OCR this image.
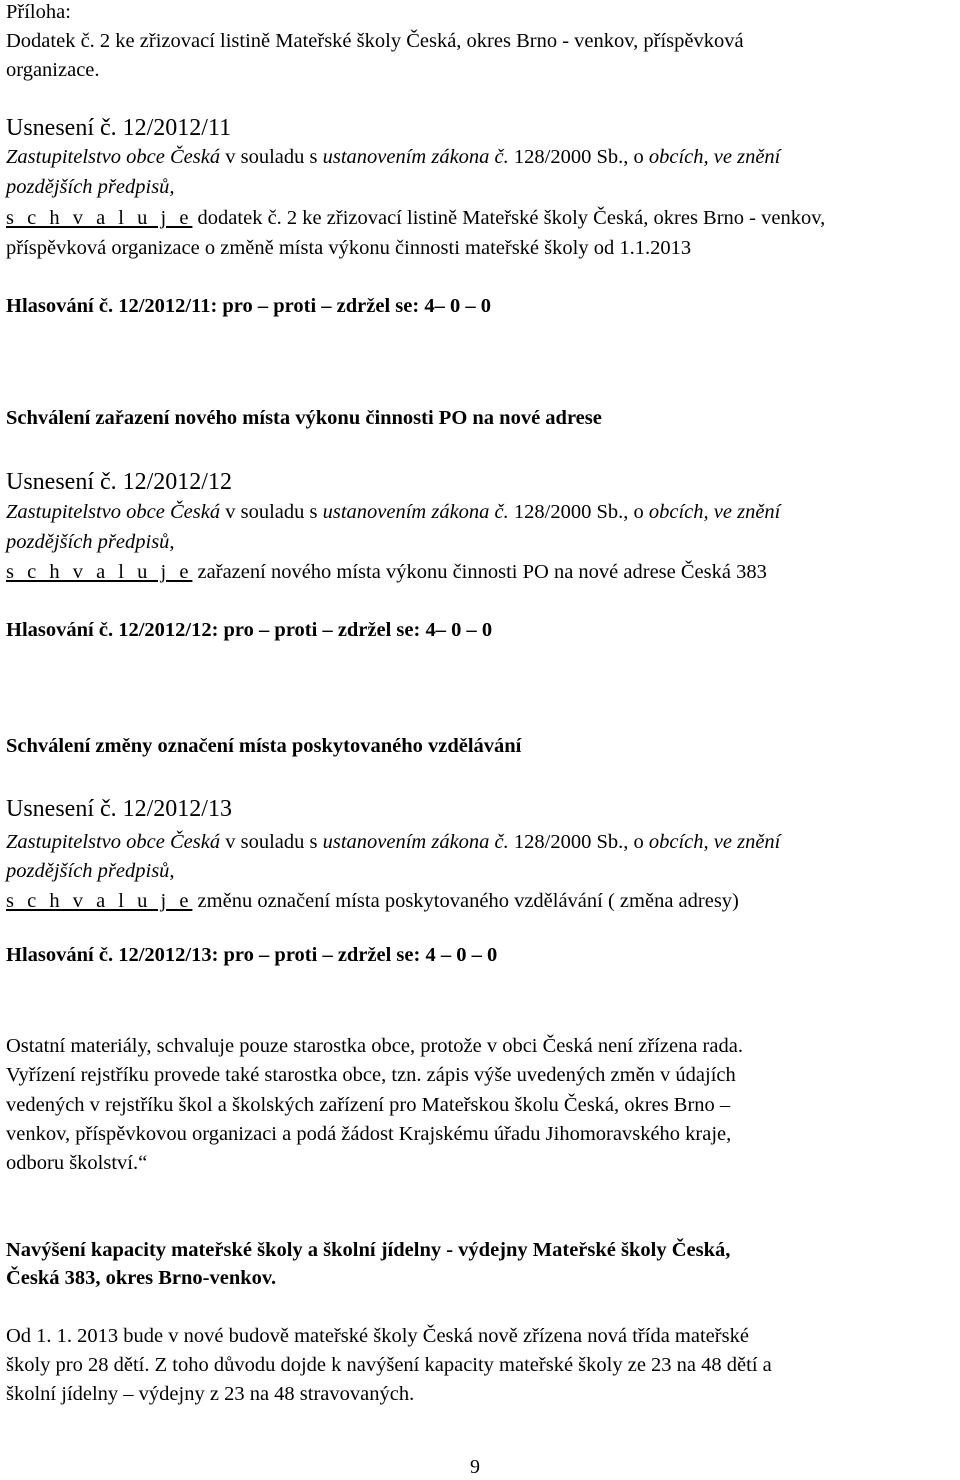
Příloha:
Dodatek č. 2 ke zřizovací listině Mateřské školy Česká, okres Brno - venkov, příspěvková
organizace.
Usnesení č. 12/2012/11
Zastupitelstvo obce Česká v souladu s ustanovením zákona č. 128/2000 Sb., o obcích, ve znění
pozdějších předpisů,
s c h v a l u j e dodatek č. 2 ke zřizovací listině Mateřské školy Česká, okres Brno - venkov,
příspěvková organizace o změně místa výkonu činnosti mateřské školy od 1.1.2013
Hlasování č. 12/2012/11: pro – proti – zdržel se: 4– 0 – 0
Schválení zařazení nového místa výkonu činnosti PO na nové adrese
Usnesení č. 12/2012/12
Zastupitelstvo obce Česká v souladu s ustanovením zákona č. 128/2000 Sb., o obcích, ve znění
pozdějších předpisů,
s c h v a l u j e zařazení nového místa výkonu činnosti PO na nové adrese Česká 383
Hlasování č. 12/2012/12: pro – proti – zdržel se: 4– 0 – 0
Schválení změny označení místa poskytovaného vzdělávání
Usnesení č. 12/2012/13
Zastupitelstvo obce Česká v souladu s ustanovením zákona č. 128/2000 Sb., o obcích, ve znění
pozdějších předpisů,
s c h v a l u j e změnu označení místa poskytovaného vzdělávání ( změna adresy)
Hlasování č. 12/2012/13: pro – proti – zdržel se: 4 – 0 – 0
Ostatní materiály, schvaluje pouze starostka obce, protože v obci Česká není zřízena rada.
Vyřízení rejstříku provede také starostka obce, tzn. zápis výše uvedených změn v údajích
vedených v rejstříku škol a školských zařízení pro Mateřskou školu Česká, okres Brno –
venkov, příspěvkovou organizaci a podá žádost Krajskému úřadu Jihomoravského kraje,
odboru školství.“
Navýšení kapacity mateřské školy a školní jídelny - výdejny Mateřské školy Česká,
Česká 383, okres Brno-venkov.
Od 1. 1. 2013 bude v nové budově mateřské školy Česká nově zřízena nová třída mateřské
školy pro 28 dětí. Z toho důvodu dojde k navýšení kapacity mateřské školy ze 23 na 48 dětí a
školní jídelny – výdejny z 23 na 48 stravovaných.
9
